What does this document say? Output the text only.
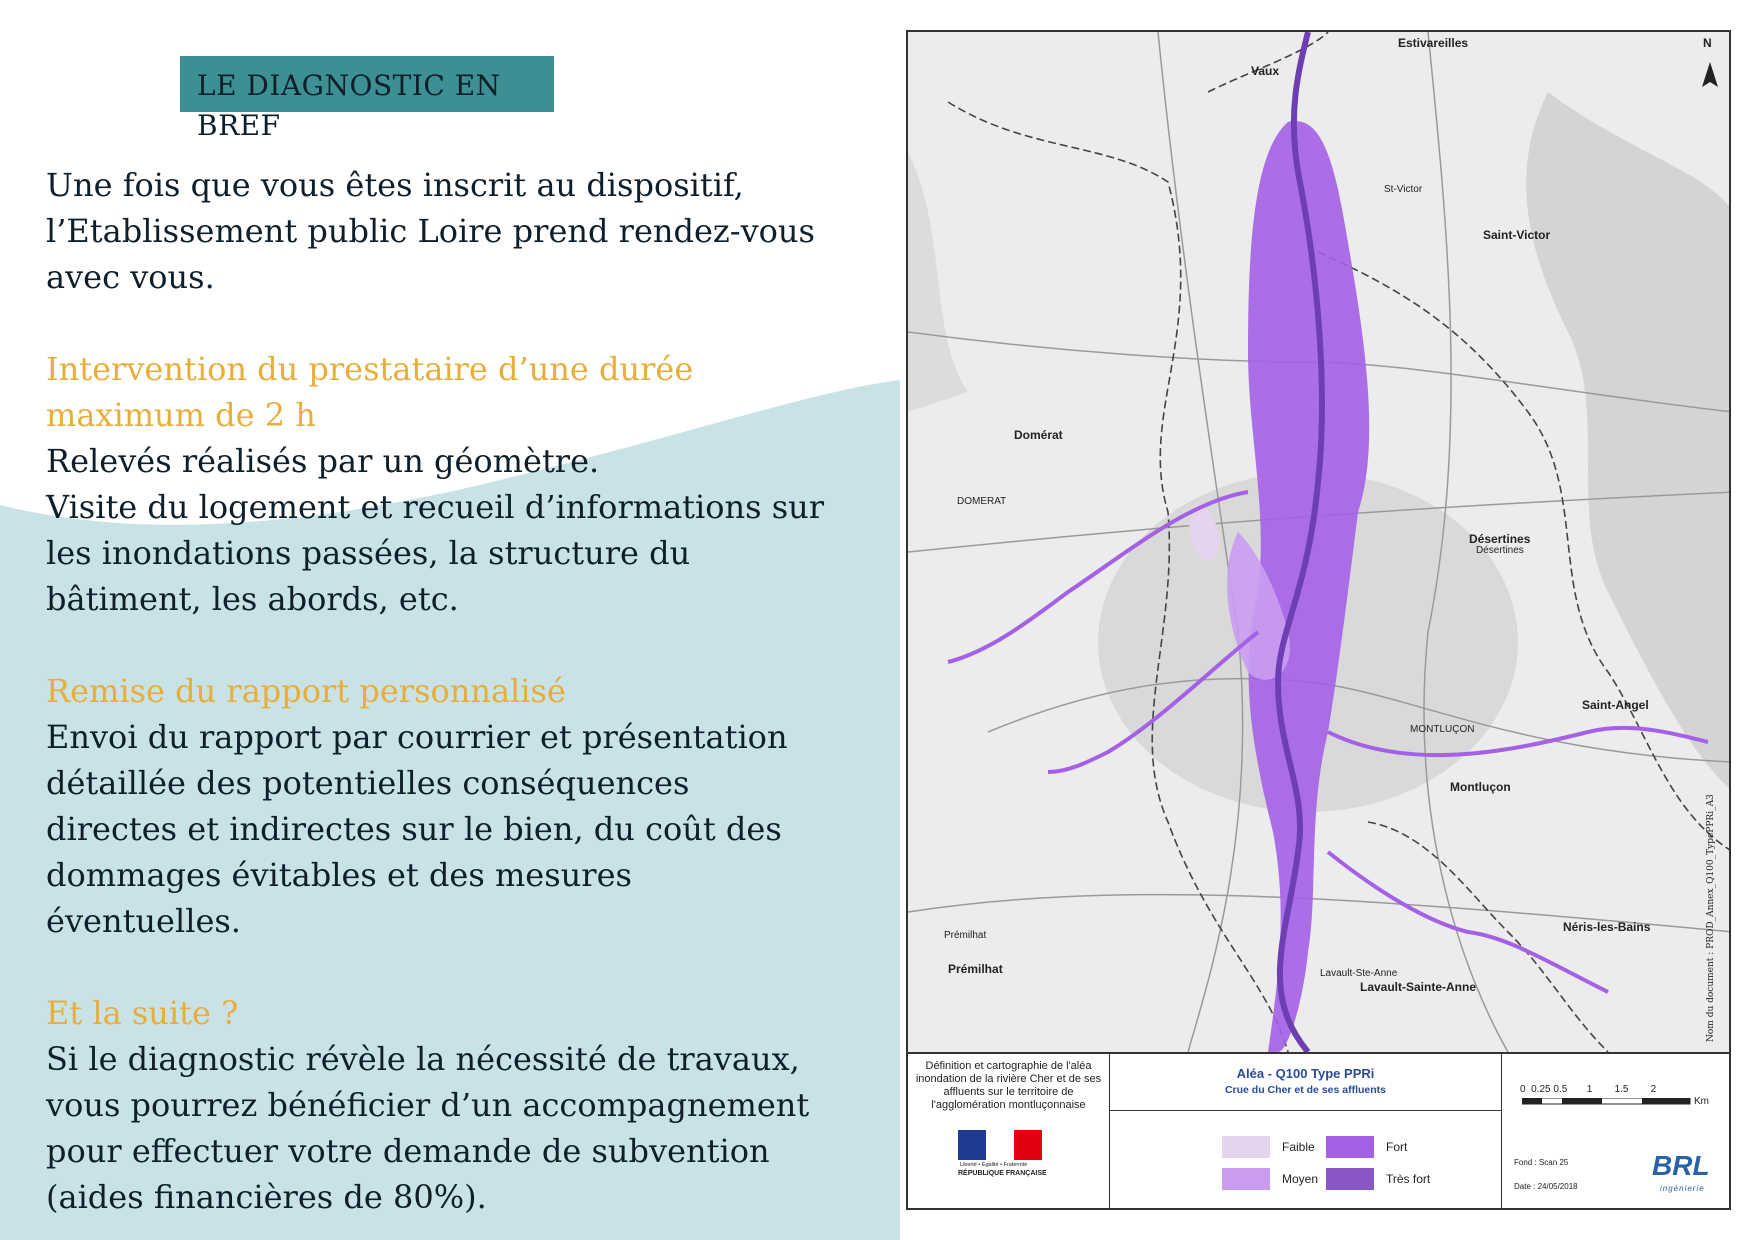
LE DIAGNOSTIC EN BREF

Une fois que vous êtes inscrit au dispositif, l’Etablissement public Loire prend rendez-vous avec vous.

Intervention du prestataire d’une durée maximum de 2 h

Relevés réalisés par un géomètre.

Visite du logement et recueil d’informations sur les inondations passées, la structure du bâtiment, les abords, etc.

Remise du rapport personnalisé

Envoi du rapport par courrier et présentation détaillée des potentielles conséquences directes et indirectes sur le bien, du coût des dommages évitables et des mesures éventuelles.

Et la suite ?

Si le diagnostic révèle la nécessité de travaux, vous pourrez bénéficier d’un accompagnement pour effectuer votre demande de subvention (aides financières de 80%).

N
Estivareilles
Vaux
St-Victor
Saint-Victor
Domérat
DOMERAT
Désertines
Désertines
Saint-Angel
MONTLUÇON
Montluçon
Néris-les-Bains
Prémilhat
Prémilhat	Lavault-Ste-Anne
Lavault-Sainte-Anne	Nom du document : PROD_Annex_Q100_TypePPRi_A3
Définition et cartographie de l'aléa inondation de la rivière Cher et de ses affluents sur le territoire de l'agglomération montluçonnaise
Liberté • Égalité • Fraternité
RÉPUBLIQUE FRANÇAISE
Aléa - Q100 Type PPRi
Crue du Cher et de ses affluents
Faible
Moyen
Fort
Très fort
0 0.25 0.5 1 1.5 2
Km
Fond : Scan 25
Date : 24/05/2018
BRL
ingénierie
